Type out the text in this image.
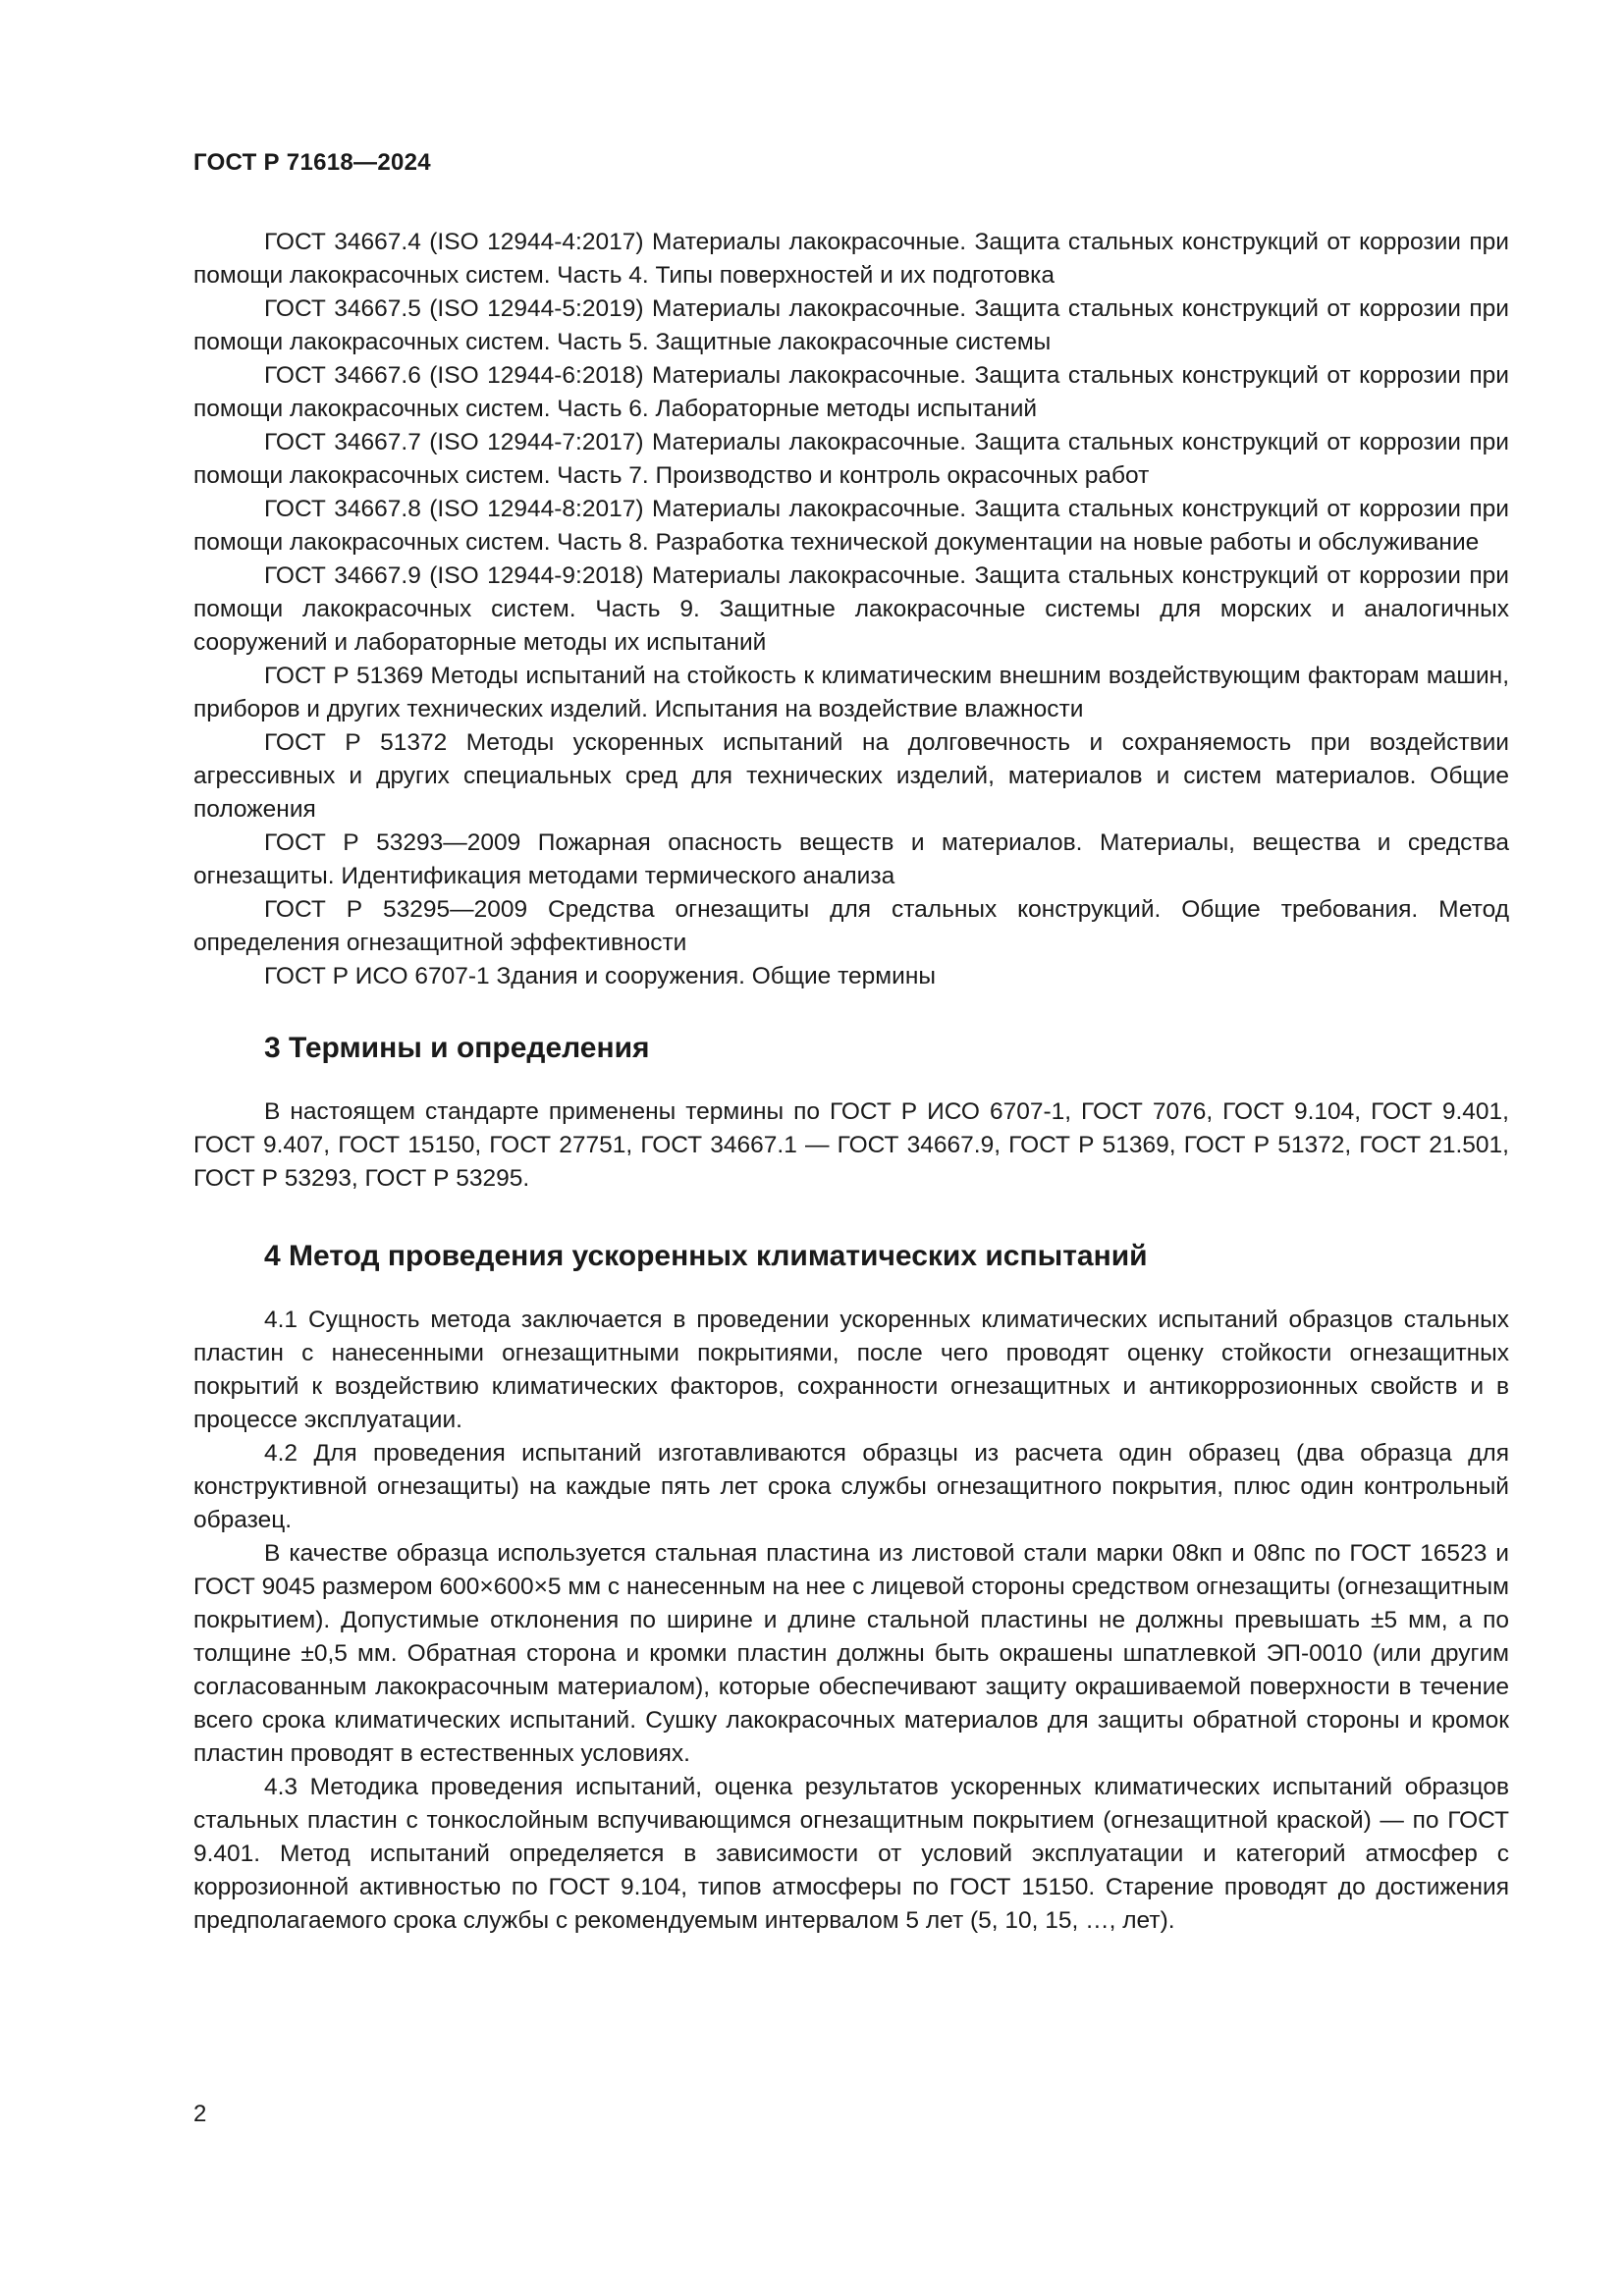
ГОСТ Р 71618—2024

ГОСТ 34667.4 (ISO 12944-4:2017) Материалы лакокрасочные. Защита стальных конструкций от коррозии при помощи лакокрасочных систем. Часть 4. Типы поверхностей и их подготовка

ГОСТ 34667.5 (ISO 12944-5:2019) Материалы лакокрасочные. Защита стальных конструкций от коррозии при помощи лакокрасочных систем. Часть 5. Защитные лакокрасочные системы

ГОСТ 34667.6 (ISO 12944-6:2018) Материалы лакокрасочные. Защита стальных конструкций от коррозии при помощи лакокрасочных систем. Часть 6. Лабораторные методы испытаний

ГОСТ 34667.7 (ISO 12944-7:2017) Материалы лакокрасочные. Защита стальных конструкций от коррозии при помощи лакокрасочных систем. Часть 7. Производство и контроль окрасочных работ

ГОСТ 34667.8 (ISO 12944-8:2017) Материалы лакокрасочные. Защита стальных конструкций от коррозии при помощи лакокрасочных систем. Часть 8. Разработка технической документации на новые работы и обслуживание

ГОСТ 34667.9 (ISO 12944-9:2018) Материалы лакокрасочные. Защита стальных конструкций от коррозии при помощи лакокрасочных систем. Часть 9. Защитные лакокрасочные системы для морских и аналогичных сооружений и лабораторные методы их испытаний

ГОСТ Р 51369 Методы испытаний на стойкость к климатическим внешним воздействующим факторам машин, приборов и других технических изделий. Испытания на воздействие влажности

ГОСТ Р 51372 Методы ускоренных испытаний на долговечность и сохраняемость при воздействии агрессивных и других специальных сред для технических изделий, материалов и систем материалов. Общие положения

ГОСТ Р 53293—2009 Пожарная опасность веществ и материалов. Материалы, вещества и средства огнезащиты. Идентификация методами термического анализа

ГОСТ Р 53295—2009 Средства огнезащиты для стальных конструкций. Общие требования. Метод определения огнезащитной эффективности

ГОСТ Р ИСО 6707-1 Здания и сооружения. Общие термины

3 Термины и определения

В настоящем стандарте применены термины по ГОСТ Р ИСО 6707-1, ГОСТ 7076, ГОСТ 9.104, ГОСТ 9.401, ГОСТ 9.407, ГОСТ 15150, ГОСТ 27751, ГОСТ 34667.1 — ГОСТ 34667.9, ГОСТ Р 51369, ГОСТ Р 51372, ГОСТ 21.501, ГОСТ Р 53293, ГОСТ Р 53295.

4 Метод проведения ускоренных климатических испытаний

4.1 Сущность метода заключается в проведении ускоренных климатических испытаний образцов стальных пластин с нанесенными огнезащитными покрытиями, после чего проводят оценку стойкости огнезащитных покрытий к воздействию климатических факторов, сохранности огнезащитных и антикоррозионных свойств и в процессе эксплуатации.

4.2 Для проведения испытаний изготавливаются образцы из расчета один образец (два образца для конструктивной огнезащиты) на каждые пять лет срока службы огнезащитного покрытия, плюс один контрольный образец.

В качестве образца используется стальная пластина из листовой стали марки 08кп и 08пс по ГОСТ 16523 и ГОСТ 9045 размером 600×600×5 мм с нанесенным на нее с лицевой стороны средством огнезащиты (огнезащитным покрытием). Допустимые отклонения по ширине и длине стальной пластины не должны превышать ±5 мм, а по толщине ±0,5 мм. Обратная сторона и кромки пластин должны быть окрашены шпатлевкой ЭП-0010 (или другим согласованным лакокрасочным материалом), которые обеспечивают защиту окрашиваемой поверхности в течение всего срока климатических испытаний. Сушку лакокрасочных материалов для защиты обратной стороны и кромок пластин проводят в естественных условиях.

4.3 Методика проведения испытаний, оценка результатов ускоренных климатических испытаний образцов стальных пластин с тонкослойным вспучивающимся огнезащитным покрытием (огнезащитной краской) — по ГОСТ 9.401. Метод испытаний определяется в зависимости от условий эксплуатации и категорий атмосфер с коррозионной активностью по ГОСТ 9.104, типов атмосферы по ГОСТ 15150. Старение проводят до достижения предполагаемого срока службы с рекомендуемым интервалом 5 лет (5, 10, 15, …, лет).

2
